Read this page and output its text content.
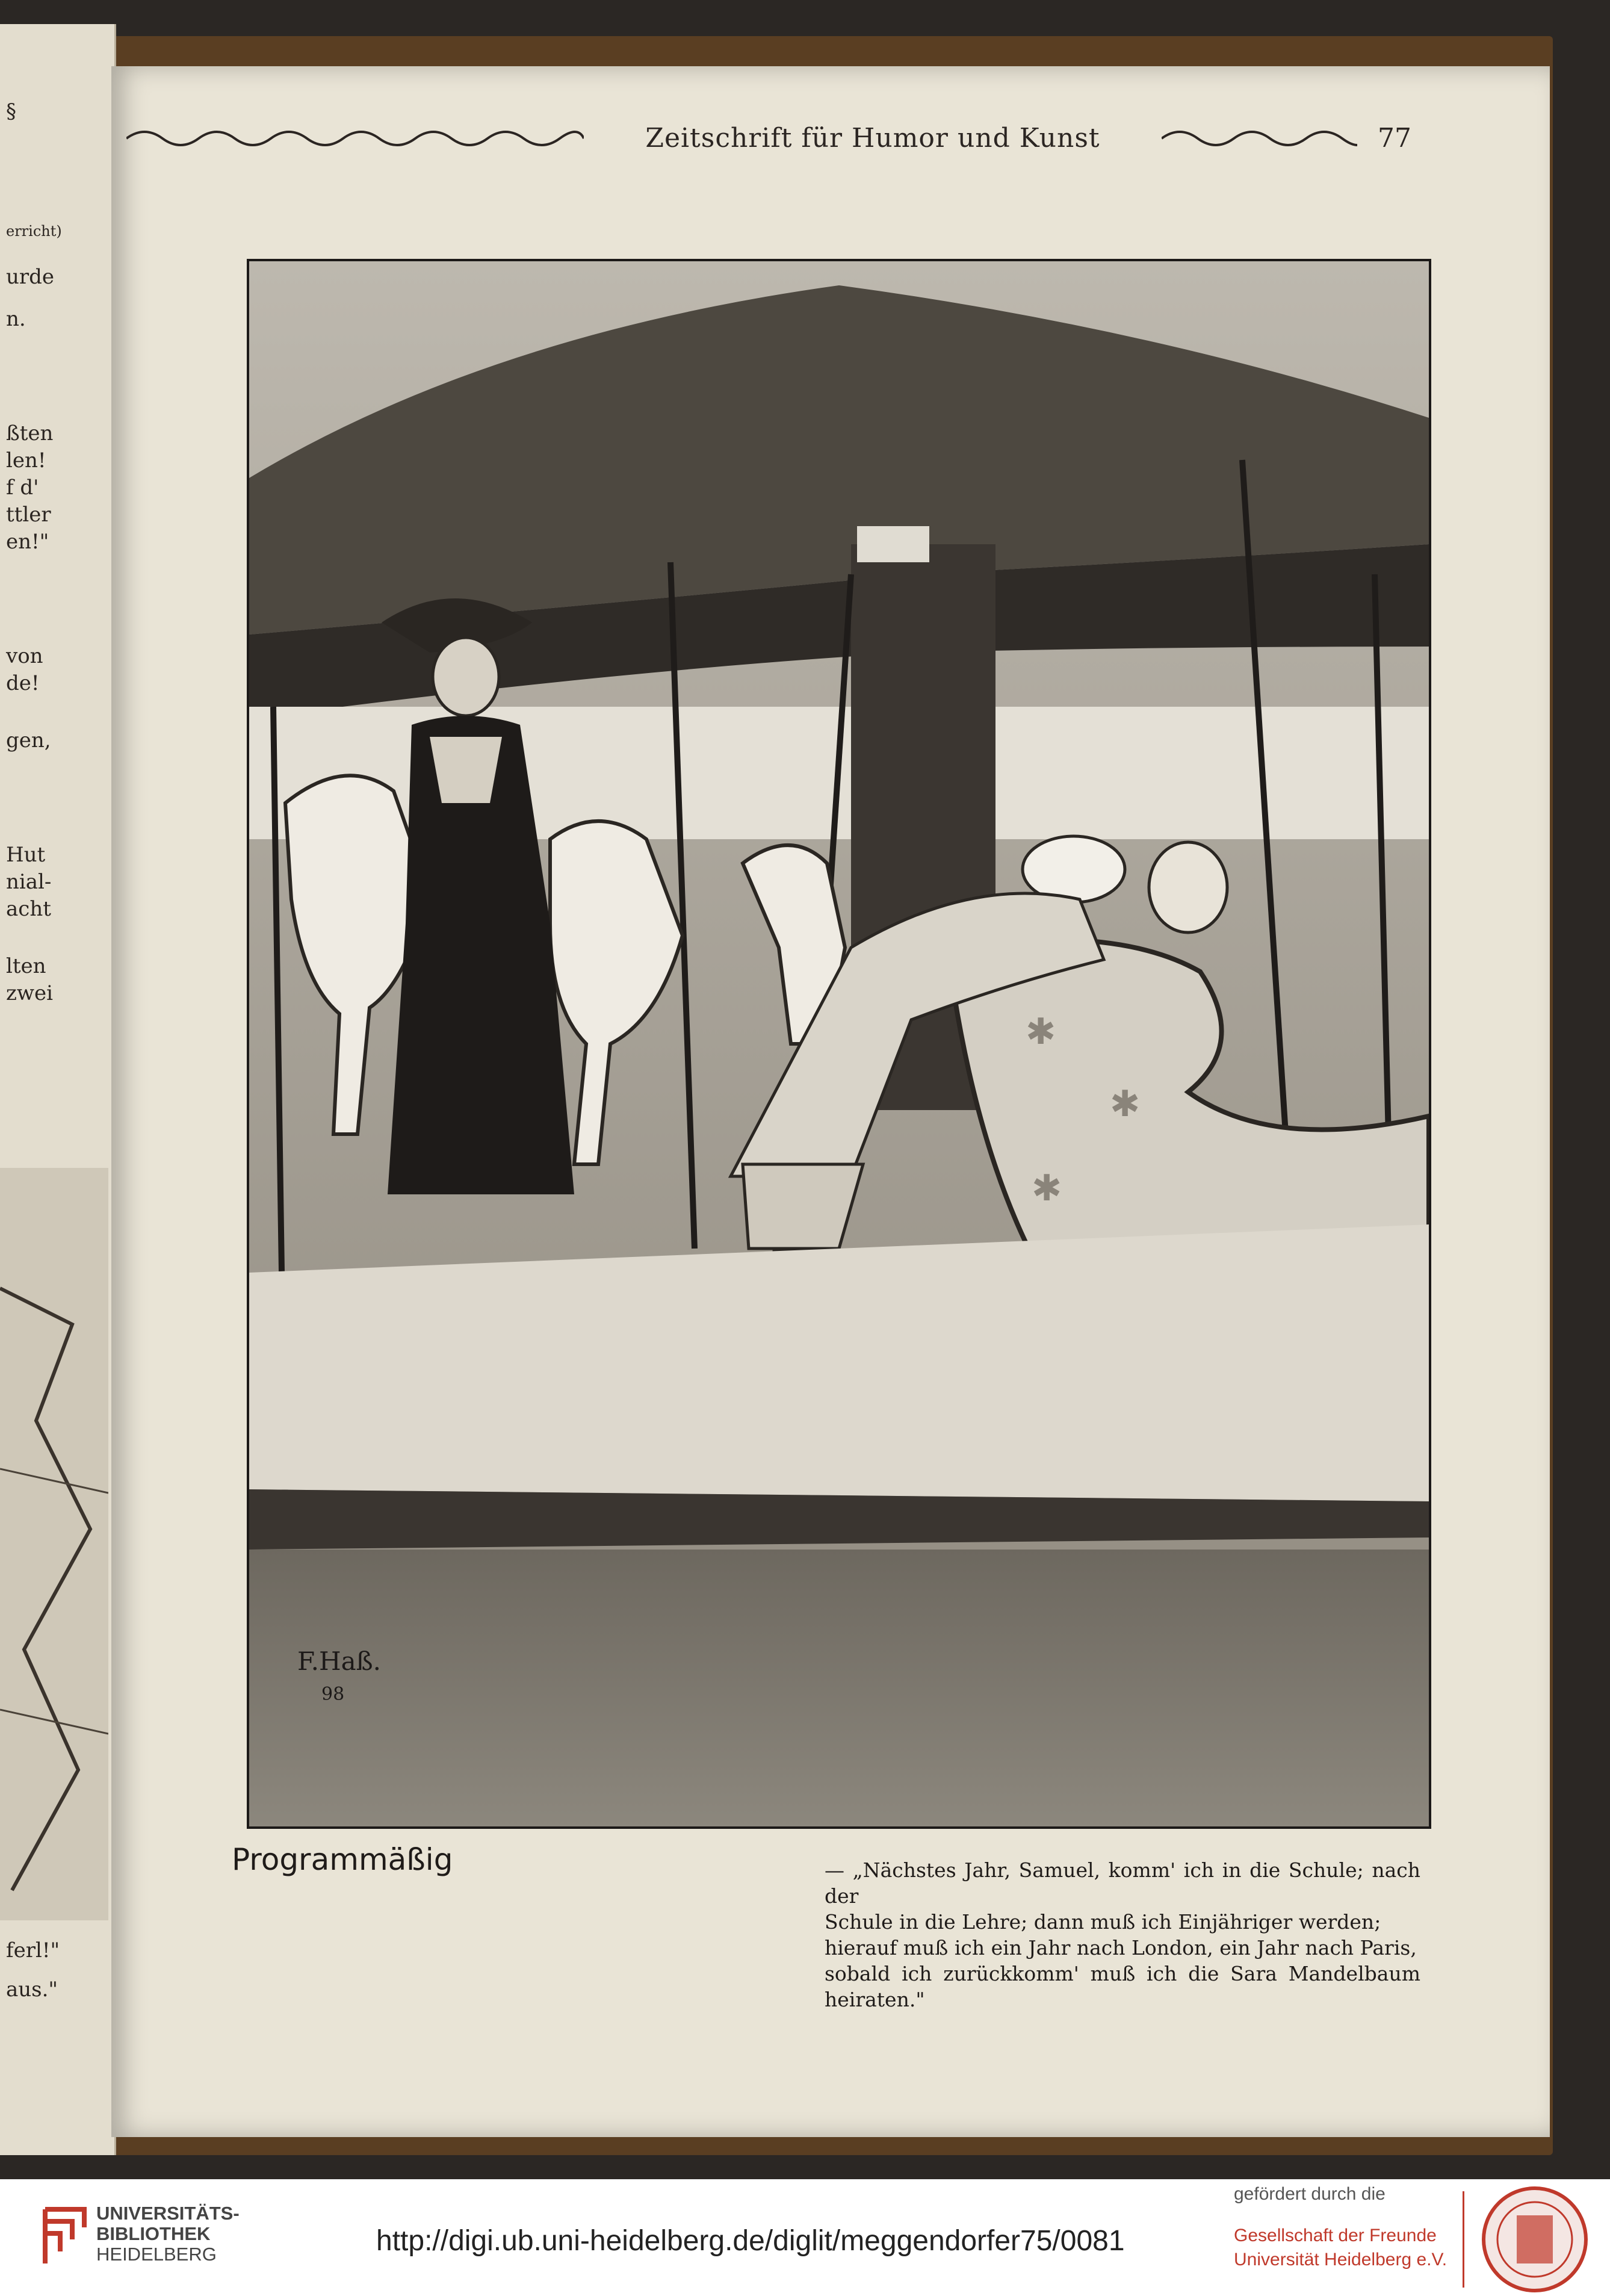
§
erricht)
urde
n.
ßten
len!
f d'
ttler
en!"
von
de!
gen,
Hut
nial-
acht
lten
zwei
ferl!"
aus."
Zeitschrift für Humor und Kunst	77
✱
✱
✱
F.Haß.
98
Programmäßig	— „Nächstes Jahr, Samuel, komm' ich in die Schule; nach der
Schule in die Lehre; dann muß ich Einjähriger werden;
hierauf muß ich ein Jahr nach London, ein Jahr nach Paris,
sobald ich zurückkomm' muß ich die Sara Mandelbaum heiraten."
UNIVERSITÄTS-
BIBLIOTHEK
HEIDELBERG	http://digi.ub.uni-heidelberg.de/diglit/meggendorfer75/0081
gefördert durch die
Gesellschaft der Freunde
Universität Heidelberg e.V.
